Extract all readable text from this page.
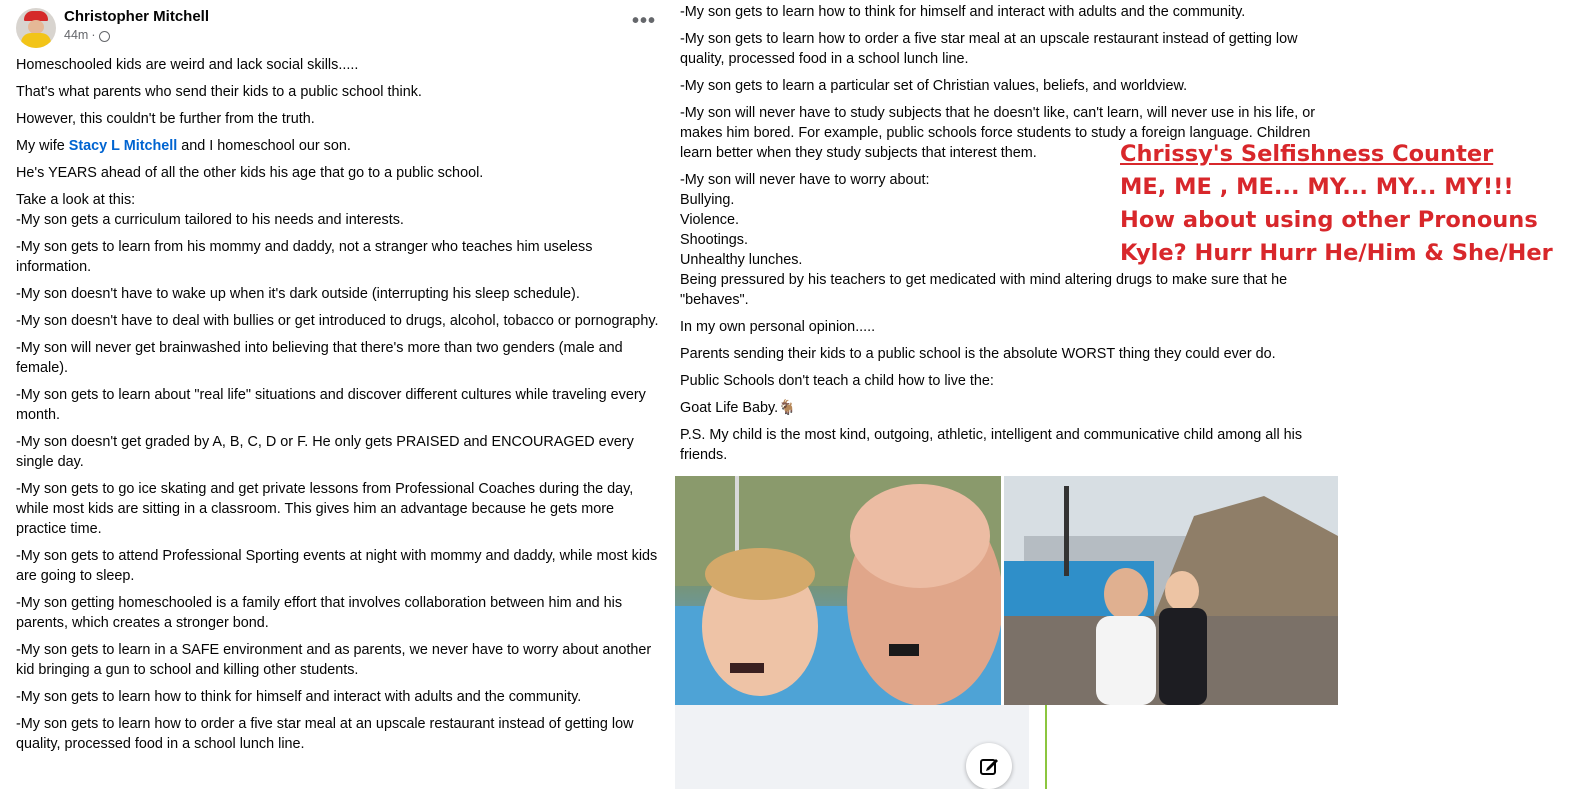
Christopher Mitchell
44m ·
•••

Homeschooled kids are weird and lack social skills.....

That's what parents who send their kids to a public school think.

However, this couldn't be further from the truth.

My wife Stacy L Mitchell and I homeschool our son.

He's YEARS ahead of all the other kids his age that go to a public school.

Take a look at this:

-My son gets a curriculum tailored to his needs and interests.

-My son gets to learn from his mommy and daddy, not a stranger who teaches him useless information.

-My son doesn't have to wake up when it's dark outside (interrupting his sleep schedule).

-My son doesn't have to deal with bullies or get introduced to drugs, alcohol, tobacco or pornography.

-My son will never get brainwashed into believing that there's more than two genders (male and female).

-My son gets to learn about "real life" situations and discover different cultures while traveling every month.

-My son doesn't get graded by A, B, C, D or F. He only gets PRAISED and ENCOURAGED every single day.

-My son gets to go ice skating and get private lessons from Professional Coaches during the day, while most kids are sitting in a classroom. This gives him an advantage because he gets more practice time.

-My son gets to attend Professional Sporting events at night with mommy and daddy, while most kids are going to sleep.

-My son getting homeschooled is a family effort that involves collaboration between him and his parents, which creates a stronger bond.

-My son gets to learn in a SAFE environment and as parents, we never have to worry about another kid bringing a gun to school and killing other students.

-My son gets to learn how to think for himself and interact with adults and the community.

-My son gets to learn how to order a five star meal at an upscale restaurant instead of getting low quality, processed food in a school lunch line.

-My son gets to learn how to think for himself and interact with adults and the community.

-My son gets to learn how to order a five star meal at an upscale restaurant instead of getting low quality, processed food in a school lunch line.

-My son gets to learn a particular set of Christian values, beliefs, and worldview.

-My son will never have to study subjects that he doesn't like, can't learn, will never use in his life, or makes him bored. For example, public schools force students to study a foreign language. Children learn better when they study subjects that interest them.

-My son will never have to worry about:
Bullying.
Violence.
Shootings.
Unhealthy lunches.
Being pressured by his teachers to get medicated with mind altering drugs to make sure that he "behaves".

In my own personal opinion.....

Parents sending their kids to a public school is the absolute WORST thing they could ever do.

Public Schools don't teach a child how to live the:

Goat Life Baby.🐐

P.S. My child is the most kind, outgoing, athletic, intelligent and communicative child among all his friends.

Chrissy's Selfishness Counter
ME, ME , ME... MY... MY... MY!!!
How about using other Pronouns
Kyle? Hurr Hurr He/Him & She/Her
